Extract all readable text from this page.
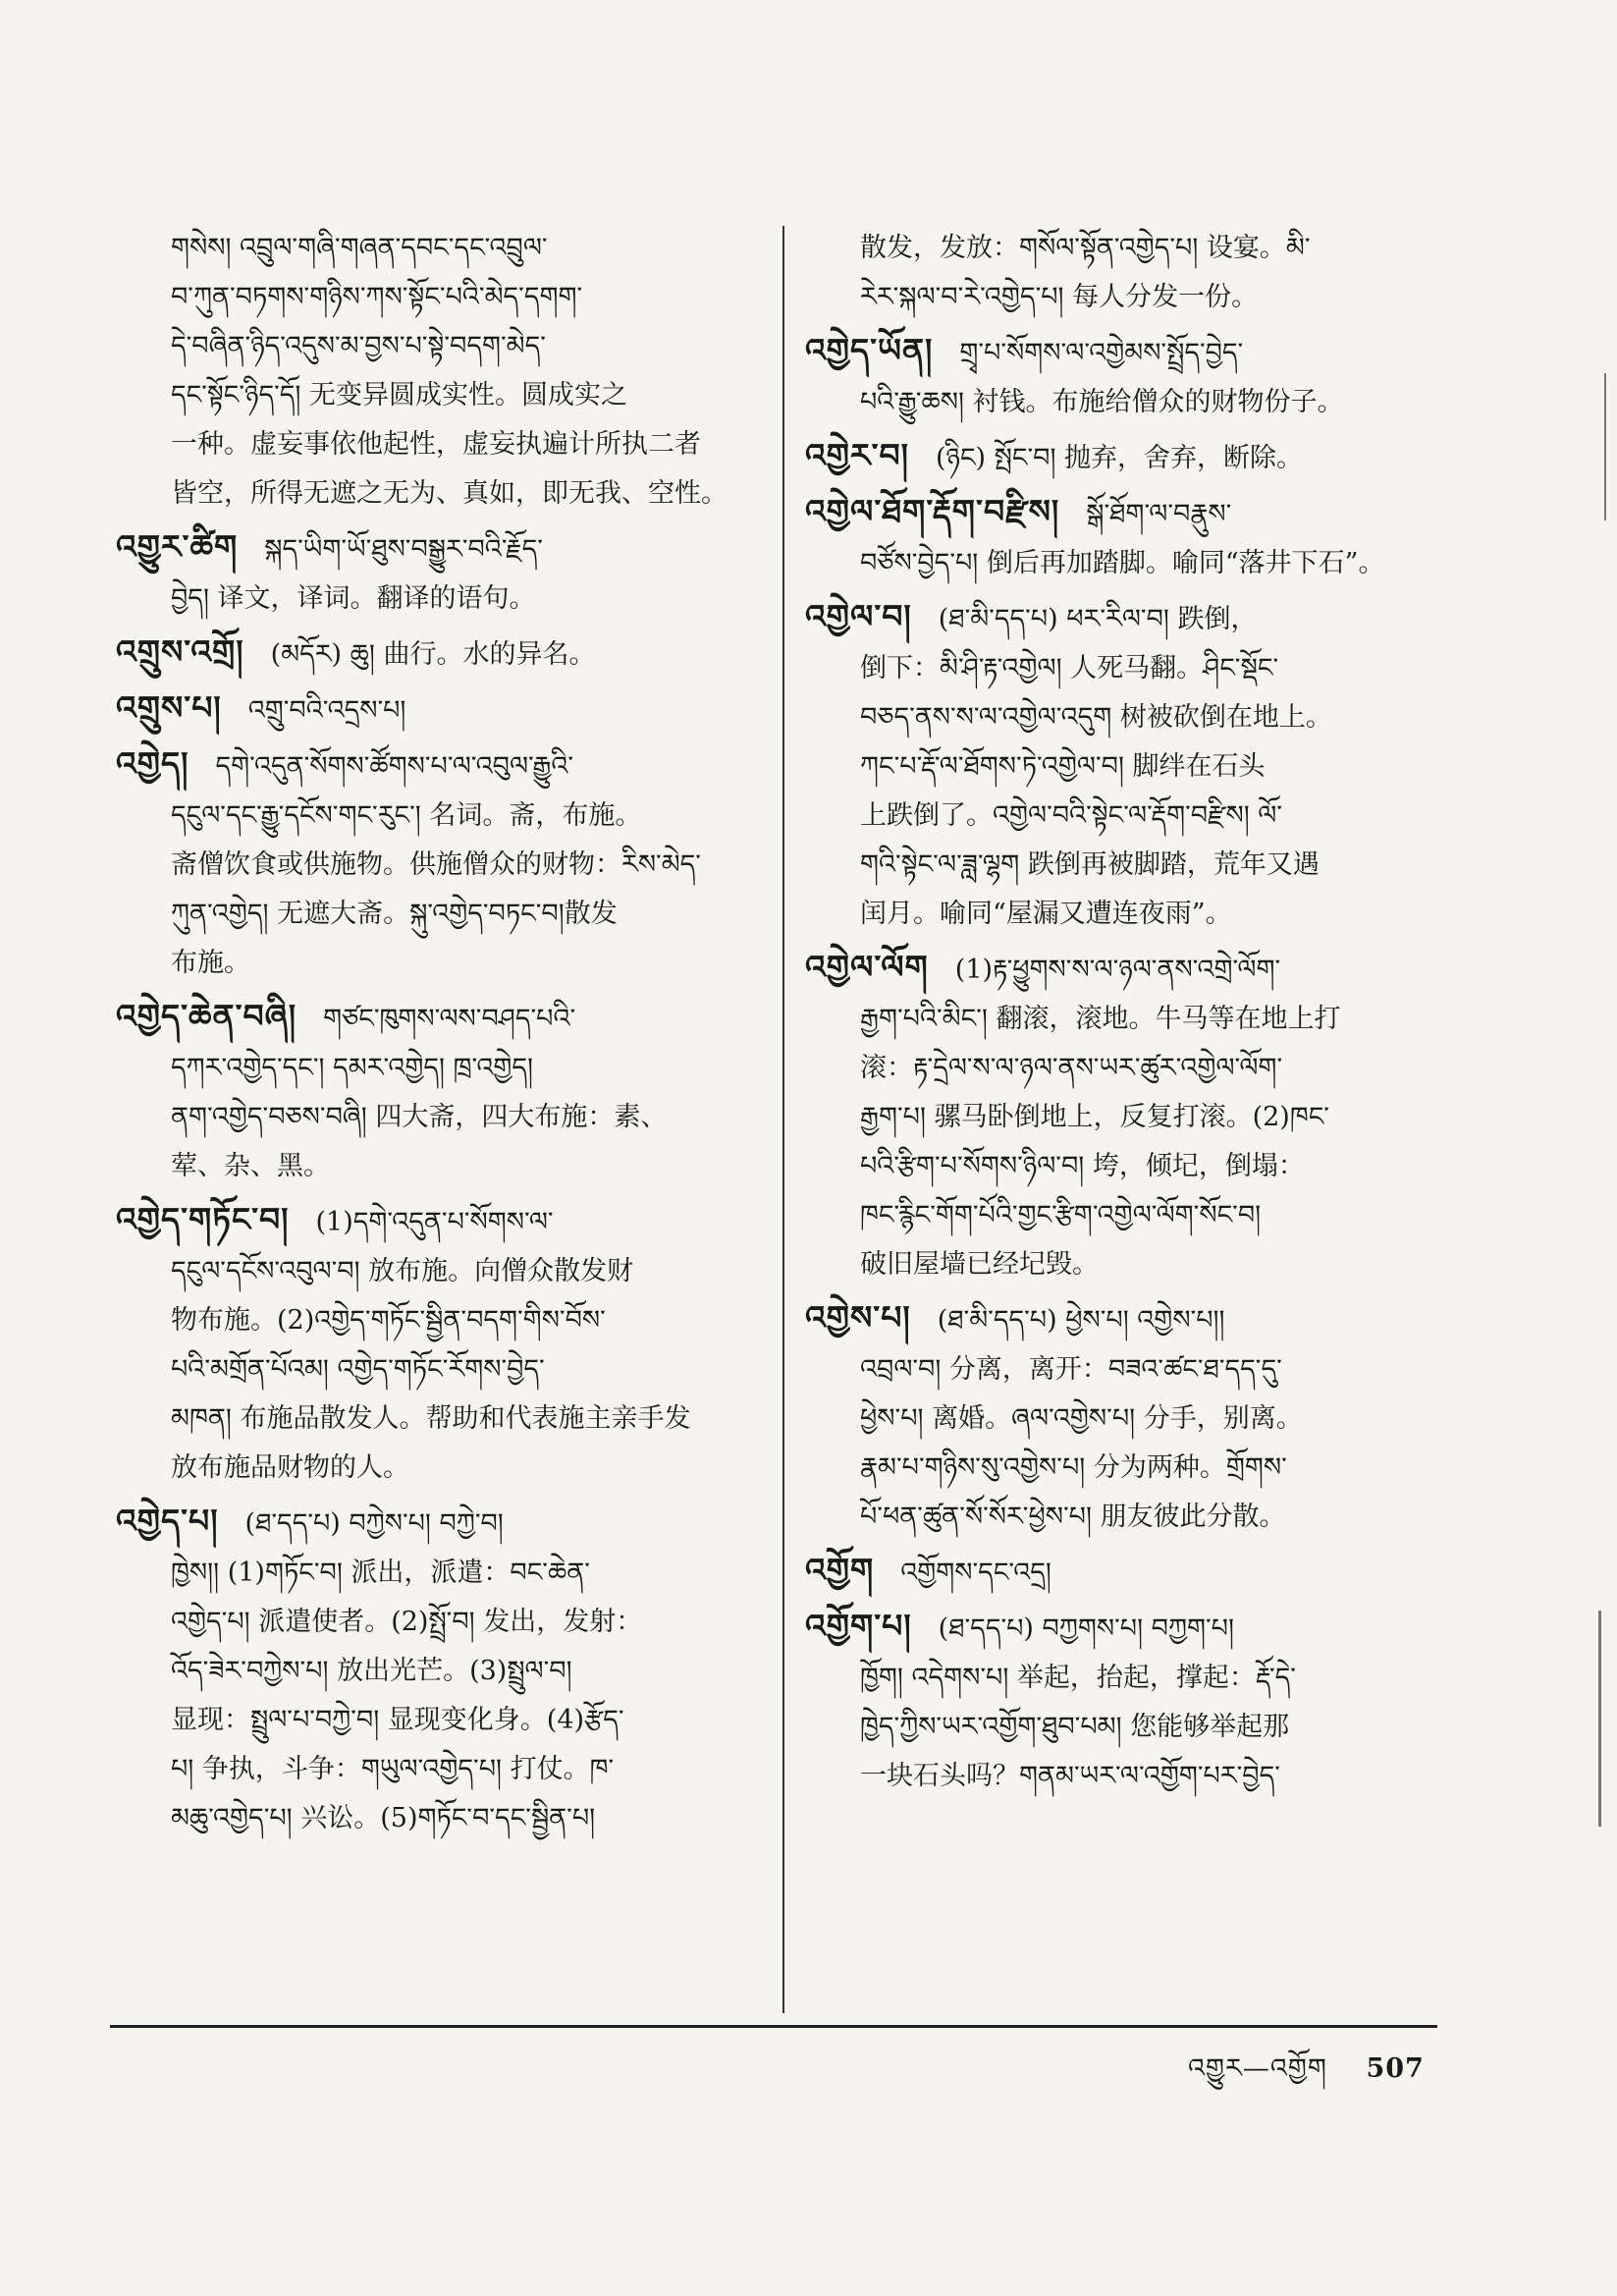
གསེས། འབྲུལ་གཞི་གཞན་དབང་དང་འབྲུལ་

བ་ཀུན་བཏགས་གཉིས་ཀས་སྟོང་པའི་མེད་དགག་

དེ་བཞིན་ཉིད་འདུས་མ་བྱས་པ་སྟེ་བདག་མེད་

དང་སྟོང་ཉིད་དོ། 无变异圆成实性。圆成实之

一种。虚妄事依他起性，虚妄执遍计所执二者

皆空，所得无遮之无为、真如，即无我、空性。

འགྱུར་ཚིག  སྐད་ཡིག་ཡོ་ཐུས་བསྒྱུར་བའི་རྗོད་

བྱེད། 译文，译词。翻译的语句。

འགྲུས་འགྲོ།  (མདོར) ཆུ། 曲行。水的异名。

འགྲུས་པ།  འགྲུ་བའི་འདྲས་པ།

འགྱེད།  དགེ་འདུན་སོགས་ཚོགས་པ་ལ་འབུལ་རྒྱུའི་

དངུལ་དང་རྒྱུ་དངོས་གང་རུང་། 名词。斋，布施。

斋僧饮食或供施物。供施僧众的财物：རིས་མེད་

ཀུན་འགྱེད། 无遮大斋。སྐུ་འགྱེད་བཏང་བ།散发

布施。

འགྱེད་ཆེན་བཞི།  གཙང་ཁུགས་ལས་བཤད་པའི་

དཀར་འགྱེད་དང་། དམར་འགྱེད། ཁྲ་འགྱེད།

ནག་འགྱེད་བཅས་བཞི། 四大斋，四大布施：素、

荤、杂、黑。

འགྱེད་གཏོང་བ།  (1)དགེ་འདུན་པ་སོགས་ལ་

དངུལ་དངོས་འབུལ་བ། 放布施。向僧众散发财

物布施。(2)འགྱེད་གཏོང་སྦྱིན་བདག་གིས་བོས་

པའི་མགྲོན་པོའམ། འགྱེད་གཏོང་རོགས་བྱེད་

མཁན། 布施品散发人。帮助和代表施主亲手发

放布施品财物的人。

འགྱེད་པ།  (ཐ་དད་པ) བཀྱེས་པ། བཀྱེ་བ།

ཁྱེས།། (1)གཏོང་བ། 派出，派遣：བང་ཆེན་

འགྱེད་པ། 派遣使者。(2)སྤྲོ་བ། 发出，发射：

འོད་ཟེར་བཀྱེས་པ། 放出光芒。(3)སྤྲུལ་བ།

显现：སྤྲུལ་པ་བཀྱེ་བ། 显现变化身。(4)རྩོད་

པ། 争执，斗争：གཡུལ་འགྱེད་པ། 打仗。ཁ་

མཆུ་འགྱེད་པ། 兴讼。(5)གཏོང་བ་དང་སྦྱིན་པ།

散发，发放：གསོལ་སྟོན་འགྱེད་པ། 设宴。མི་

རེར་སྐལ་བ་རེ་འགྱེད་པ། 每人分发一份。

འགྱེད་ཡོན།  གྲྭ་པ་སོགས་ལ་འགྱེམས་སྤྲོད་བྱེད་

པའི་རྒྱུ་ཆས། 衬钱。布施给僧众的财物份子。

འགྱེར་བ།  (ཉིང) སྤོང་བ། 抛弃，舍弃，断除。

འགྱེལ་ཐོག་རྡོག་བརྫིས།  སྒོ་ཐོག་ལ་བརྣུས་

བཙོས་བྱེད་པ། 倒后再加踏脚。喻同“落井下石”。

འགྱེལ་བ།  (ཐ་མི་དད་པ) ཕར་རིལ་བ། 跌倒，

倒下：མི་ཤི་རྟ་འགྱེལ། 人死马翻。ཤིང་སྡོང་

བཅད་ནས་ས་ལ་འགྱེལ་འདུག 树被砍倒在地上。

ཀང་པ་རྡོ་ལ་ཐོགས་ཏེ་འགྱེལ་བ། 脚绊在石头

上跌倒了。འགྱེལ་བའི་སྟེང་ལ་རྡོག་བརྫིས། ལོ་

གའི་སྟེང་ལ་ཟླ་ལྷག 跌倒再被脚踏，荒年又遇

闰月。喻同“屋漏又遭连夜雨”。

འགྱེལ་ལོག  (1)རྟ་ཕྱུགས་ས་ལ་ཉལ་ནས་འགྲེ་ལོག་

རྒྱག་པའི་མིང་། 翻滚，滚地。牛马等在地上打

滚：རྟ་དྲེལ་ས་ལ་ཉལ་ནས་ཡར་ཚུར་འགྱེལ་ལོག་

རྒྱག་པ། 骡马卧倒地上，反复打滚。(2)ཁང་

པའི་རྩིག་པ་སོགས་ཉིལ་བ། 垮，倾圮，倒塌：

ཁང་རྙིང་གོག་པོའི་གྱང་རྩིག་འགྱེལ་ལོག་སོང་བ།

破旧屋墙已经圮毁。

འགྱེས་པ།  (ཐ་མི་དད་པ) ཕྱེས་པ། འགྱེས་པ།།

འབྲལ་བ། 分离，离开：བཟའ་ཚང་ཐ་དད་དུ་

ཕྱེས་པ། 离婚。ཞལ་འགྱེས་པ། 分手，别离。

རྣམ་པ་གཉིས་སུ་འགྱེས་པ། 分为两种。གྲོགས་

པོ་ཕན་ཚུན་སོ་སོར་ཕྱེས་པ། 朋友彼此分散。

འགྱོག  འགྱོགས་དང་འདྲ།

འགྱོག་པ།  (ཐ་དད་པ) བཀྱགས་པ། བཀྱག་པ།

ཁྱོག། འདེགས་པ། 举起，抬起，撑起：རྡོ་དེ་

ཁྱེད་ཀྱིས་ཡར་འགྱོག་ཐུབ་པམ། 您能够举起那

一块石头吗？གནམ་ཡར་ལ་འགྱོག་པར་བྱེད་

འགྱུར—འགྱོག 507
